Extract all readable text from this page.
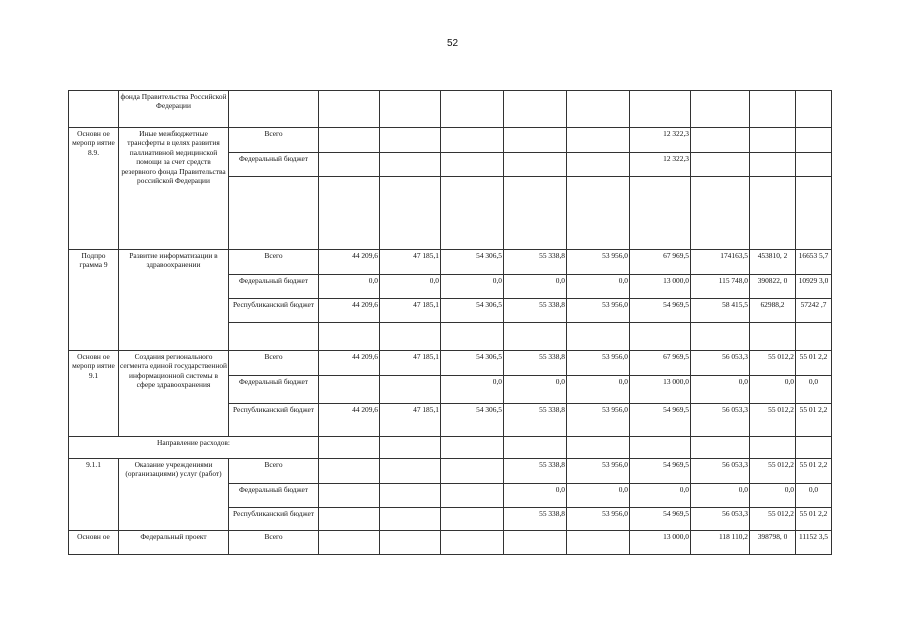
52
	фонда Правительства Российской Федерации										
Основн ое меропр иятие 8.9.	Иные межбюджетные трансферты в целях развития паллиативной медицинской помощи за счет средств резервного фонда Правительства российской Федерации	Всего						12 322,3			
		Федеральный бюджет						12 322,3			

Подпро грамма 9	Развитие информатизации в здравоохранении	Всего	44 209,6	47 185,1	54 306,5	55 338,8	53 956,0	67 969,5	174163,5	453810, 2	16653 5,7
		Федеральный бюджет	0,0	0,0	0,0	0,0	0,0	13 000,0	115 748,0	390822, 0	10929 3,0
		Республиканский бюджет	44 209,6	47 185,1	54 306,5	55 338,8	53 956,0	54 969,5	58 415,5	62988,2	57242 ,7

Основн ое меропр иятие 9.1	Создания регионального сегмента единой государственной информационной системы в сфере здравоохранения	Всего	44 209,6	47 185,1	54 306,5	55 338,8	53 956,0	67 969,5	56 053,3	55 012,2	55 01 2,2
		Федеральный бюджет			0,0	0,0	0,0	13 000,0	0,0	0,0	0,0
		Республиканский бюджет	44 209,6	47 185,1	54 306,5	55 338,8	53 956,0	54 969,5	56 053,3	55 012,2	55 01 2,2
Направление расходов:											
9.1.1	Оказание учреждениями (организациями) услуг (работ)	Всего				55 338,8	53 956,0	54 969,5	56 053,3	55 012,2	55 01 2,2
		Федеральный бюджет				0,0	0,0	0,0	0,0	0,0	0,0
		Республиканский бюджет				55 338,8	53 956,0	54 969,5	56 053,3	55 012,2	55 01 2,2
Основн ое	Федеральный проект	Всего						13 000,0	118 110,2	398798, 0	11152 3,5
